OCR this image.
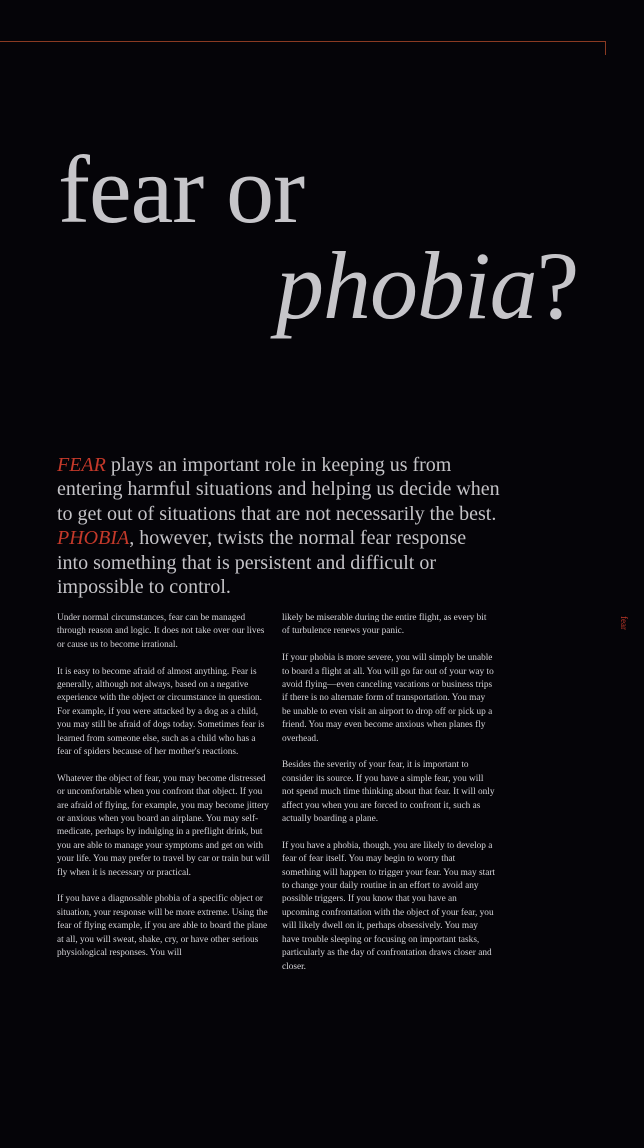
fear or
phobia?

FEAR plays an important role in keeping us from entering harmful situations and helping us decide when to get out of situations that are not necessarily the best. PHOBIA, however, twists the normal fear response into something that is persistent and difficult or impossible to control.

Under normal circumstances, fear can be managed through reason and logic. It does not take over our lives or cause us to become irrational.

It is easy to become afraid of almost anything. Fear is generally, although not always, based on a negative experience with the object or circumstance in question. For example, if you were attacked by a dog as a child, you may still be afraid of dogs today. Sometimes fear is learned from someone else, such as a child who has a fear of spiders because of her mother's reactions.

Whatever the object of fear, you may become distressed or uncomfortable when you confront that object. If you are afraid of flying, for example, you may become jittery or anxious when you board an airplane. You may self-medicate, perhaps by indulging in a preflight drink, but you are able to manage your symptoms and get on with your life. You may prefer to travel by car or train but will fly when it is necessary or practical.

If you have a diagnosable phobia of a specific object or situation, your response will be more extreme. Using the fear of flying example, if you are able to board the plane at all, you will sweat, shake, cry, or have other serious physiological responses. You will

likely be miserable during the entire flight, as every bit of turbulence renews your panic.

If your phobia is more severe, you will simply be unable to board a flight at all. You will go far out of your way to avoid flying—even canceling vacations or business trips if there is no alternate form of transportation. You may be unable to even visit an airport to drop off or pick up a friend. You may even become anxious when planes fly overhead.

Besides the severity of your fear, it is important to consider its source. If you have a simple fear, you will not spend much time thinking about that fear. It will only affect you when you are forced to confront it, such as actually boarding a plane.

If you have a phobia, though, you are likely to develop a fear of fear itself. You may begin to worry that something will happen to trigger your fear. You may start to change your daily routine in an effort to avoid any possible triggers. If you know that you have an upcoming confrontation with the object of your fear, you will likely dwell on it, perhaps obsessively. You may have trouble sleeping or focusing on important tasks, particularly as the day of confrontation draws closer and closer.

fear
